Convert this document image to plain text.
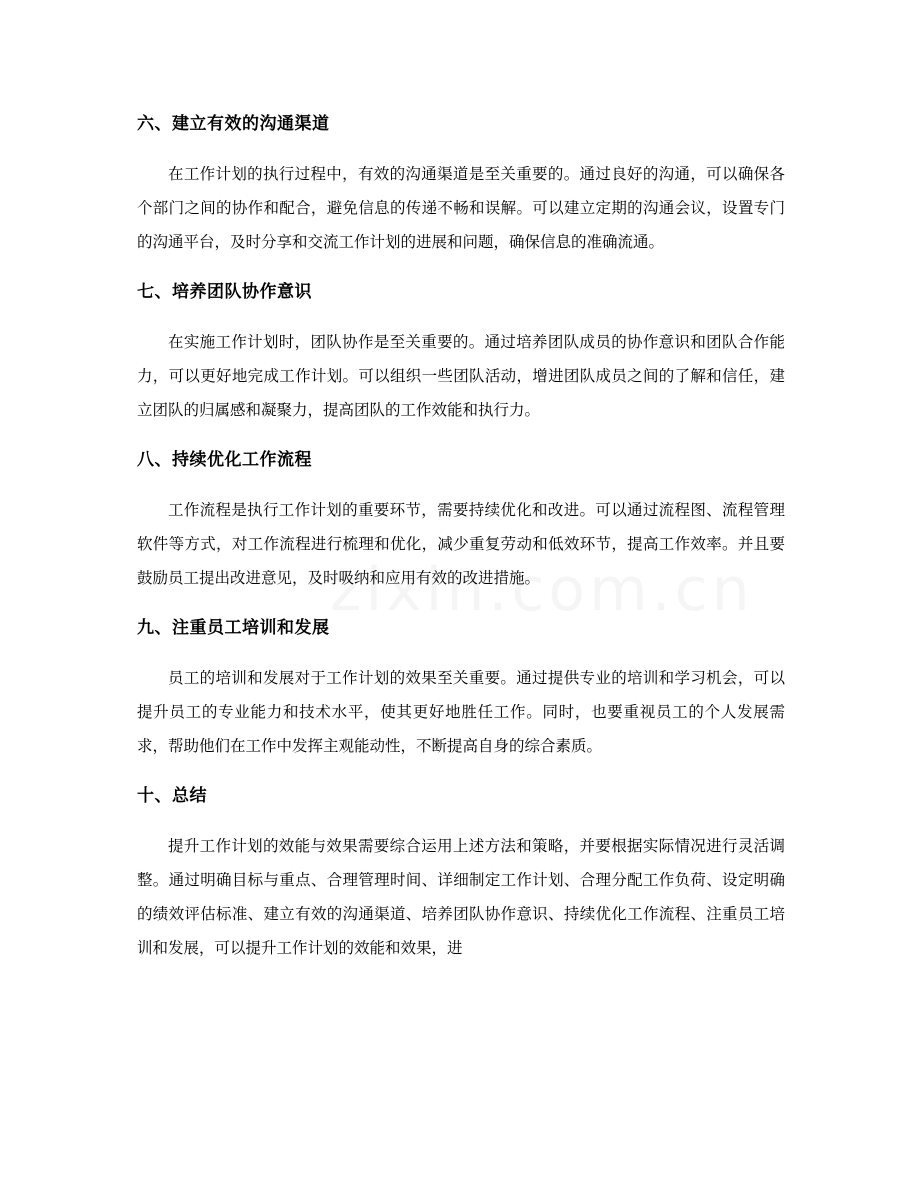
六、建立有效的沟通渠道

在工作计划的执行过程中，有效的沟通渠道是至关重要的。通过良好的沟通，可以确保各个部门之间的协作和配合，避免信息的传递不畅和误解。可以建立定期的沟通会议，设置专门的沟通平台，及时分享和交流工作计划的进展和问题，确保信息的准确流通。

七、培养团队协作意识

在实施工作计划时，团队协作是至关重要的。通过培养团队成员的协作意识和团队合作能力，可以更好地完成工作计划。可以组织一些团队活动，增进团队成员之间的了解和信任，建立团队的归属感和凝聚力，提高团队的工作效能和执行力。

八、持续优化工作流程

工作流程是执行工作计划的重要环节，需要持续优化和改进。可以通过流程图、流程管理软件等方式，对工作流程进行梳理和优化，减少重复劳动和低效环节，提高工作效率。并且要鼓励员工提出改进意见，及时吸纳和应用有效的改进措施。

九、注重员工培训和发展

员工的培训和发展对于工作计划的效果至关重要。通过提供专业的培训和学习机会，可以提升员工的专业能力和技术水平，使其更好地胜任工作。同时，也要重视员工的个人发展需求，帮助他们在工作中发挥主观能动性，不断提高自身的综合素质。

十、总结

提升工作计划的效能与效果需要综合运用上述方法和策略，并要根据实际情况进行灵活调整。通过明确目标与重点、合理管理时间、详细制定工作计划、合理分配工作负荷、设定明确的绩效评估标准、建立有效的沟通渠道、培养团队协作意识、持续优化工作流程、注重员工培训和发展，可以提升工作计划的效能和效果，进
